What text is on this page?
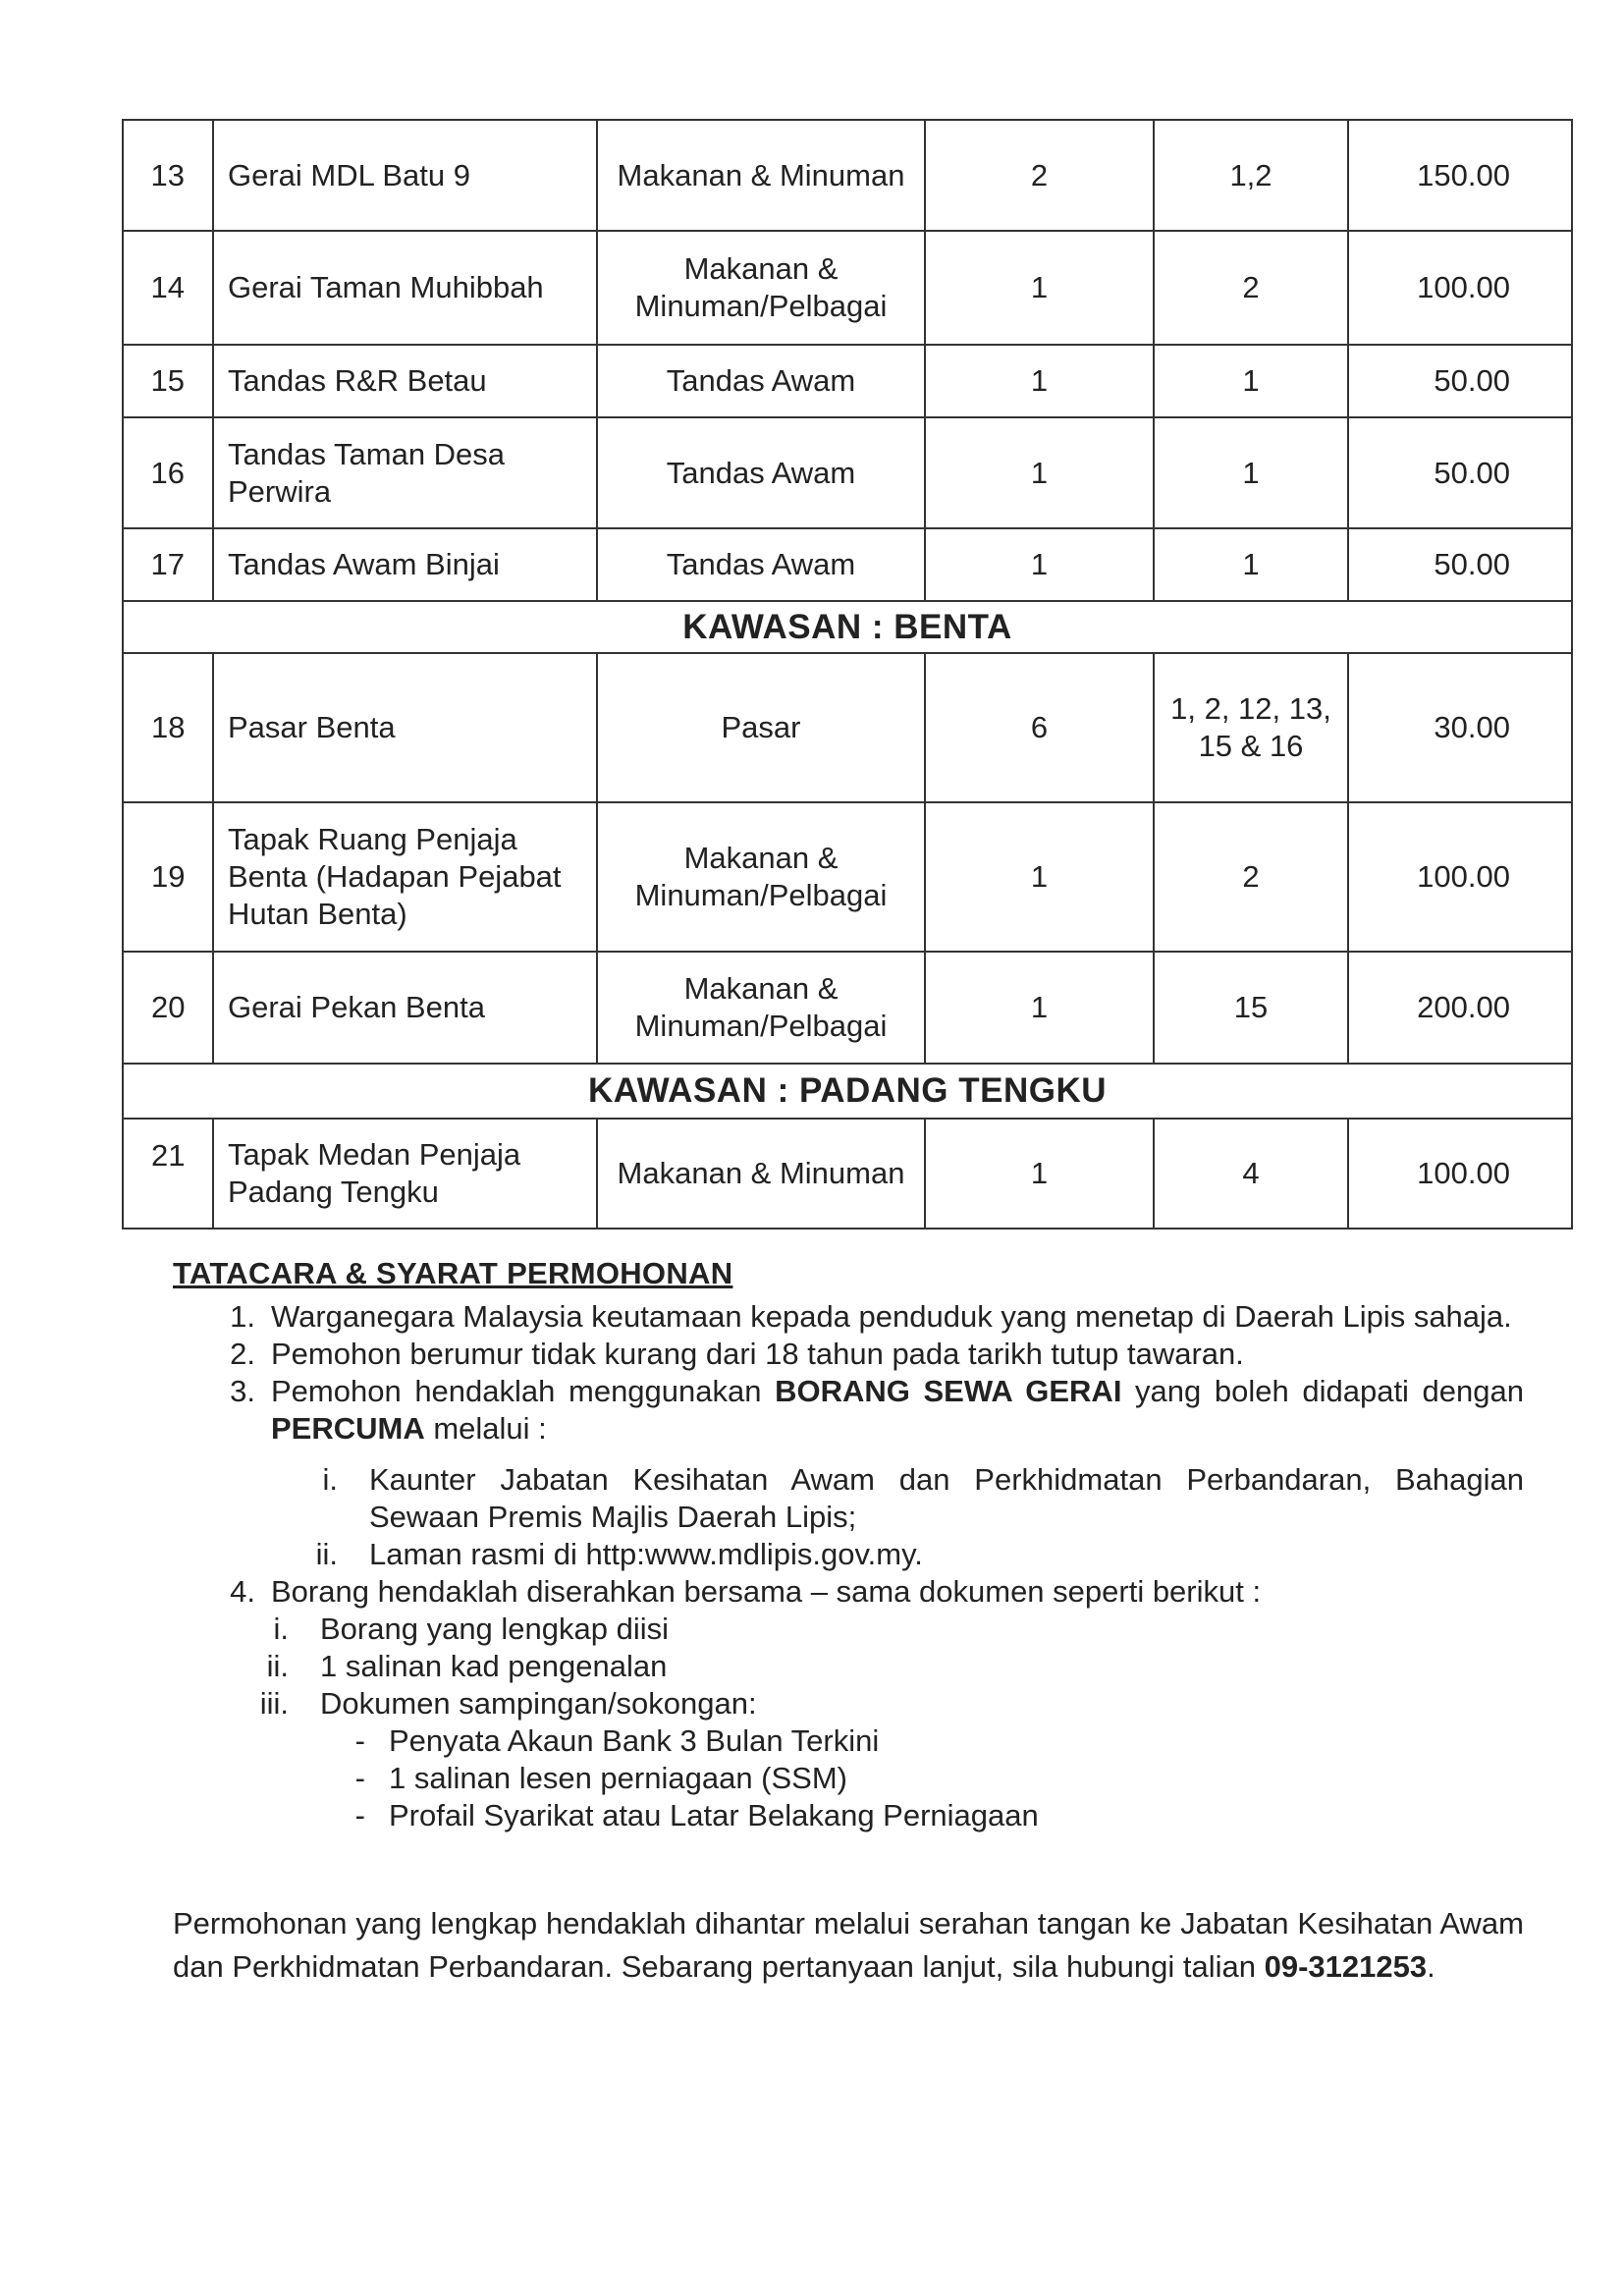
13	Gerai MDL Batu 9	Makanan & Minuman	2	1,2	150.00
14	Gerai Taman Muhibbah	Makanan & Minuman/Pelbagai	1	2	100.00
15	Tandas R&R Betau	Tandas Awam	1	1	50.00
16	Tandas Taman Desa Perwira	Tandas Awam	1	1	50.00
17	Tandas Awam Binjai	Tandas Awam	1	1	50.00
KAWASAN : BENTA					
18	Pasar Benta	Pasar	6	1, 2, 12, 13, 15 & 16	30.00
19	Tapak Ruang Penjaja Benta (Hadapan Pejabat Hutan Benta)	Makanan & Minuman/Pelbagai	1	2	100.00
20	Gerai Pekan Benta	Makanan & Minuman/Pelbagai	1	15	200.00
KAWASAN : PADANG TENGKU					
21	Tapak Medan Penjaja Padang Tengku	Makanan & Minuman	1	4	100.00
TATACARA & SYARAT PERMOHONAN
1. Warganegara Malaysia keutamaan kepada penduduk yang menetap di Daerah Lipis sahaja.
2. Pemohon berumur tidak kurang dari 18 tahun pada tarikh tutup tawaran.
3. Pemohon hendaklah menggunakan BORANG SEWA GERAI yang boleh didapati dengan PERCUMA melalui :
i.	Kaunter Jabatan Kesihatan Awam dan Perkhidmatan Perbandaran, Bahagian Sewaan Premis Majlis Daerah Lipis;
ii.	Laman rasmi di http:www.mdlipis.gov.my.
4. Borang hendaklah diserahkan bersama – sama dokumen seperti berikut :
i.	Borang yang lengkap diisi
ii.	1 salinan kad pengenalan
iii.	Dokumen sampingan/sokongan:
- Penyata Akaun Bank 3 Bulan Terkini
- 1 salinan lesen perniagaan (SSM)
- Profail Syarikat atau Latar Belakang Perniagaan
Permohonan yang lengkap hendaklah dihantar melalui serahan tangan ke Jabatan Kesihatan Awam dan Perkhidmatan Perbandaran. Sebarang pertanyaan lanjut, sila hubungi talian 09-3121253.
